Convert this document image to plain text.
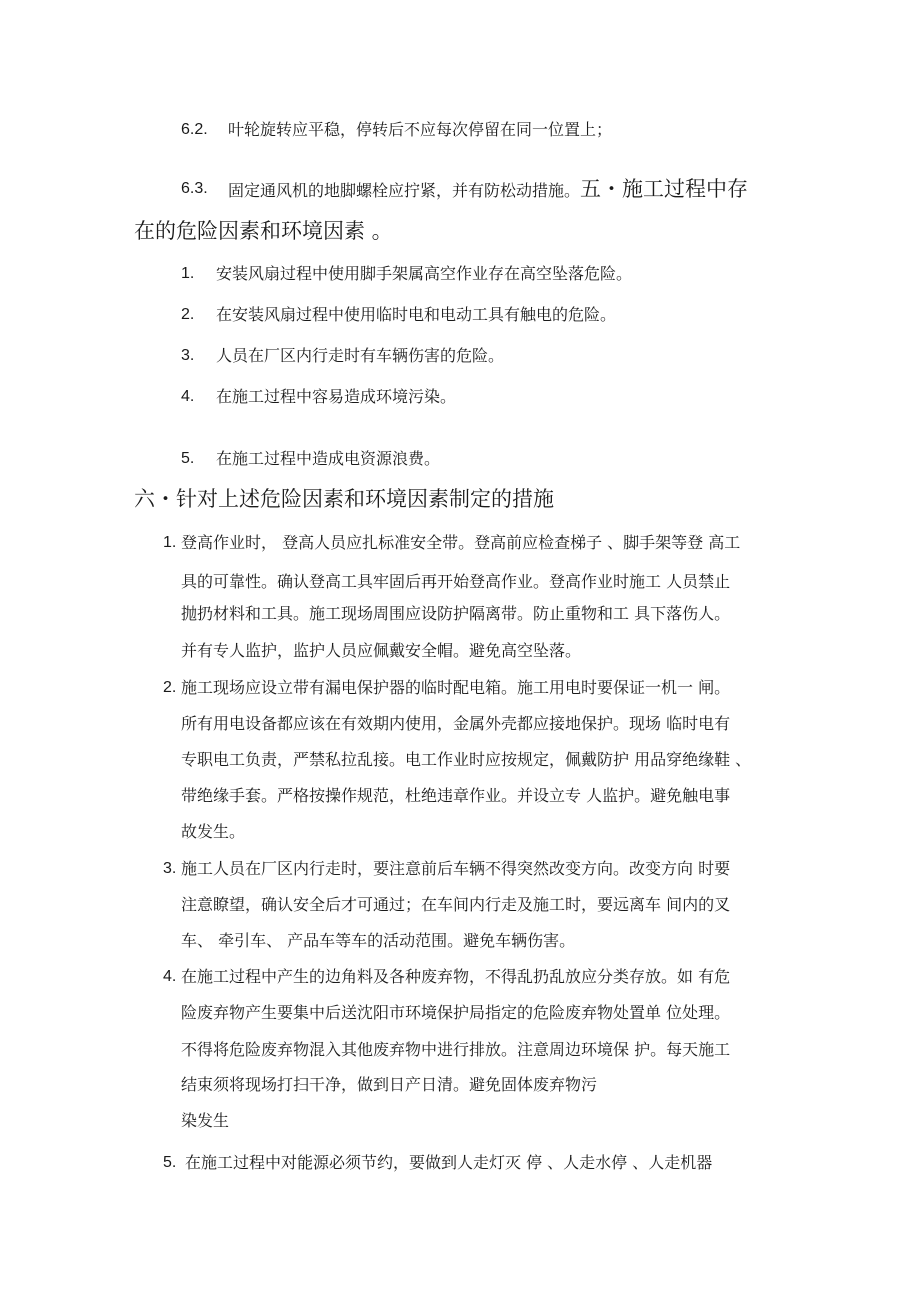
6.2. 叶轮旋转应平稳，停转后不应每次停留在同一位置上；
6.3. 固定通风机的地脚螺栓应拧紧，并有防松动措施。五・施工过程中存
在的危险因素和环境因素 。
1. 安装风扇过程中使用脚手架属高空作业存在高空坠落危险。
2. 在安装风扇过程中使用临时电和电动工具有触电的危险。
3. 人员在厂区内行走时有车辆伤害的危险。
4. 在施工过程中容易造成环境污染。
5. 在施工过程中造成电资源浪费。
六・针对上述危险因素和环境因素制定的措施
1. 登高作业时， 登高人员应扎标准安全带。登高前应检查梯子 、脚手架等登 高工
具的可靠性。确认登高工具牢固后再开始登高作业。登高作业时施工 人员禁止
抛扔材料和工具。施工现场周围应设防护隔离带。防止重物和工 具下落伤人。
并有专人监护，监护人员应佩戴安全帽。避免高空坠落。
2. 施工现场应设立带有漏电保护器的临时配电箱。施工用电时要保证一机一 闸。
所有用电设备都应该在有效期内使用，金属外壳都应接地保护。现场 临时电有
专职电工负责，严禁私拉乱接。电工作业时应按规定，佩戴防护 用品穿绝缘鞋 、
带绝缘手套。严格按操作规范，杜绝违章作业。并设立专 人监护。避免触电事
故发生。
3. 施工人员在厂区内行走时，要注意前后车辆不得突然改变方向。改变方向 时要
注意瞭望，确认安全后才可通过；在车间内行走及施工时，要远离车 间内的叉
车、 牵引车、 产品车等车的活动范围。避免车辆伤害。
4. 在施工过程中产生的边角料及各种废弃物，不得乱扔乱放应分类存放。如 有危
险废弃物产生要集中后送沈阳市环境保护局指定的危险废弃物处置单 位处理。
不得将危险废弃物混入其他废弃物中进行排放。注意周边环境保 护。每天施工
结束须将现场打扫干净，做到日产日清。避免固体废弃物污
染发生
5. 在施工过程中对能源必须节约，要做到人走灯灭 停 、人走水停 、人走机器
